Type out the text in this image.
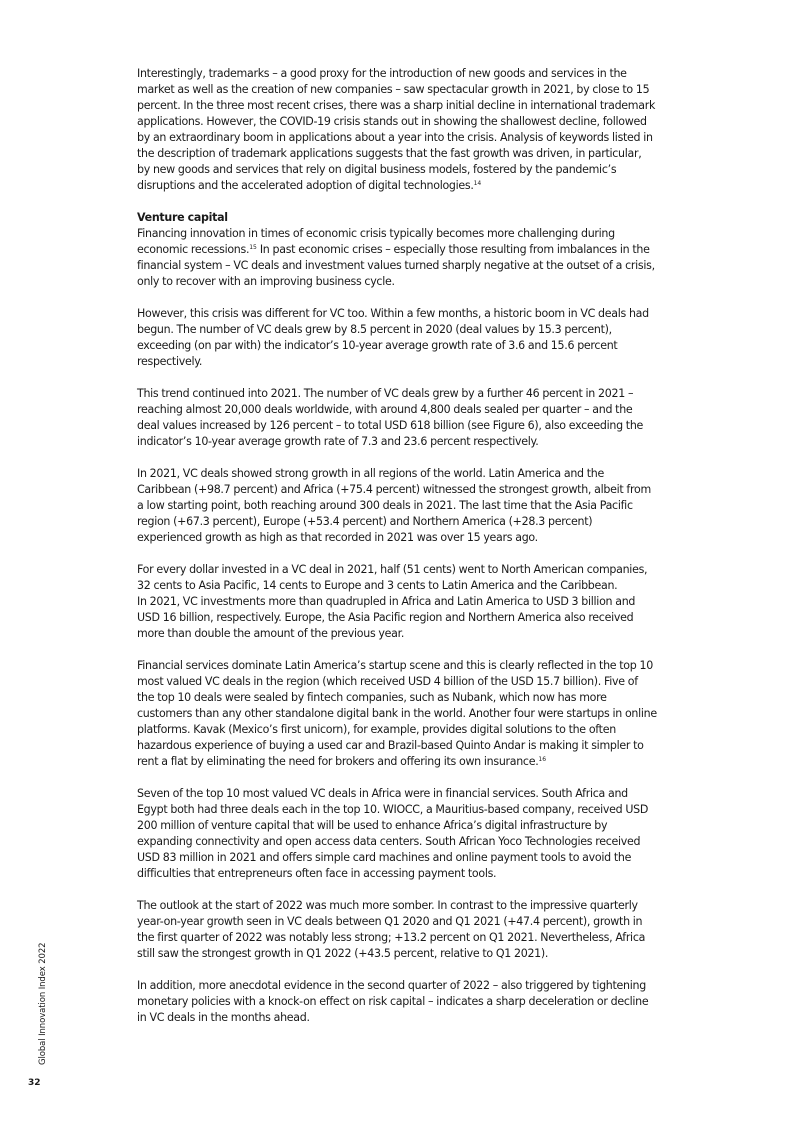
Interestingly, trademarks – a good proxy for the introduction of new goods and services in the market as well as the creation of new companies – saw spectacular growth in 2021, by close to 15 percent. In the three most recent crises, there was a sharp initial decline in international trademark applications. However, the COVID-19 crisis stands out in showing the shallowest decline, followed by an extraordinary boom in applications about a year into the crisis. Analysis of keywords listed in the description of trademark applications suggests that the fast growth was driven, in particular, by new goods and services that rely on digital business models, fostered by the pandemic’s disruptions and the accelerated adoption of digital technologies.$^{14}$

Venture capital
Financing innovation in times of economic crisis typically becomes more challenging during economic recessions.$^{15}$ In past economic crises – especially those resulting from imbalances in the financial system – VC deals and investment values turned sharply negative at the outset of a crisis, only to recover with an improving business cycle.

However, this crisis was different for VC too. Within a few months, a historic boom in VC deals had begun. The number of VC deals grew by 8.5 percent in 2020 (deal values by 15.3 percent), exceeding (on par with) the indicator’s 10-year average growth rate of 3.6 and 15.6 percent respectively.

This trend continued into 2021. The number of VC deals grew by a further 46 percent in 2021 – reaching almost 20,000 deals worldwide, with around 4,800 deals sealed per quarter – and the deal values increased by 126 percent – to total USD 618 billion (see Figure 6), also exceeding the indicator’s 10-year average growth rate of 7.3 and 23.6 percent respectively.

In 2021, VC deals showed strong growth in all regions of the world. Latin America and the Caribbean (+98.7 percent) and Africa (+75.4 percent) witnessed the strongest growth, albeit from a low starting point, both reaching around 300 deals in 2021. The last time that the Asia Pacific region (+67.3 percent), Europe (+53.4 percent) and Northern America (+28.3 percent) experienced growth as high as that recorded in 2021 was over 15 years ago.

For every dollar invested in a VC deal in 2021, half (51 cents) went to North American companies, 32 cents to Asia Pacific, 14 cents to Europe and 3 cents to Latin America and the Caribbean.
In 2021, VC investments more than quadrupled in Africa and Latin America to USD 3 billion and USD 16 billion, respectively. Europe, the Asia Pacific region and Northern America also received more than double the amount of the previous year.

Financial services dominate Latin America’s startup scene and this is clearly reflected in the top 10 most valued VC deals in the region (which received USD 4 billion of the USD 15.7 billion). Five of the top 10 deals were sealed by fintech companies, such as Nubank, which now has more customers than any other standalone digital bank in the world. Another four were startups in online platforms. Kavak (Mexico’s first unicorn), for example, provides digital solutions to the often hazardous experience of buying a used car and Brazil-based Quinto Andar is making it simpler to rent a flat by eliminating the need for brokers and offering its own insurance.$^{16}$

Seven of the top 10 most valued VC deals in Africa were in financial services. South Africa and Egypt both had three deals each in the top 10. WIOCC, a Mauritius-based company, received USD 200 million of venture capital that will be used to enhance Africa’s digital infrastructure by expanding connectivity and open access data centers. South African Yoco Technologies received USD 83 million in 2021 and offers simple card machines and online payment tools to avoid the difficulties that entrepreneurs often face in accessing payment tools.

The outlook at the start of 2022 was much more somber. In contrast to the impressive quarterly year-on-year growth seen in VC deals between Q1 2020 and Q1 2021 (+47.4 percent), growth in the first quarter of 2022 was notably less strong; +13.2 percent on Q1 2021. Nevertheless, Africa still saw the strongest growth in Q1 2022 (+43.5 percent, relative to Q1 2021).

In addition, more anecdotal evidence in the second quarter of 2022 – also triggered by tightening monetary policies with a knock-on effect on risk capital – indicates a sharp deceleration or decline in VC deals in the months ahead.

Global Innovation Index 2022
32
